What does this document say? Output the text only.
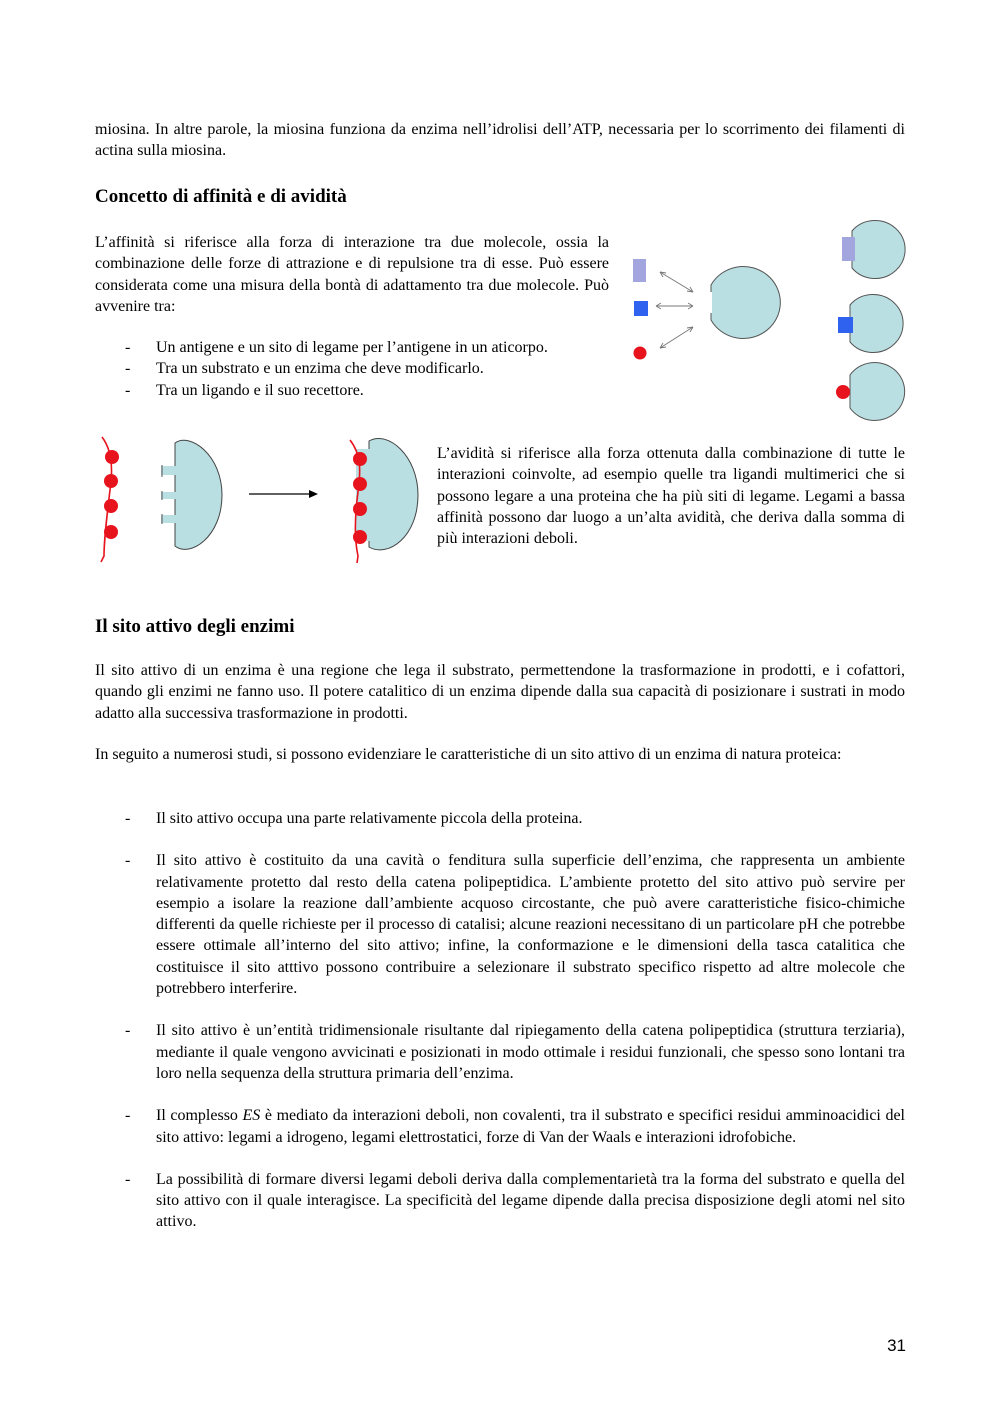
miosina. In altre parole, la miosina funziona da enzima nell’idrolisi dell’ATP, necessaria per lo scorrimento dei filamenti di actina sulla miosina.

Concetto di affinità e di avidità

L’affinità si riferisce alla forza di interazione tra due molecole, ossia la combinazione delle forze di attrazione e di repulsione tra di esse. Può essere considerata come una misura della bontà di adattamento tra due molecole. Può avvenire tra:

- Un antigene e un sito di legame per l’antigene in un aticorpo.
- Tra un substrato e un enzima che deve modificarlo.
- Tra un ligando e il suo recettore.

L’avidità si riferisce alla forza ottenuta dalla combinazione di tutte le interazioni coinvolte, ad esempio quelle tra ligandi multimerici che si possono legare a una proteina che ha più siti di legame. Legami a bassa affinità possono dar luogo a un’alta avidità, che deriva dalla somma di più interazioni deboli.

Il sito attivo degli enzimi

Il sito attivo di un enzima è una regione che lega il substrato, permettendone la trasformazione in prodotti, e i cofattori, quando gli enzimi ne fanno uso. Il potere catalitico di un enzima dipende dalla sua capacità di posizionare i sustrati in modo adatto alla successiva trasformazione in prodotti.

In seguito a numerosi studi, si possono evidenziare le caratteristiche di un sito attivo di un enzima di natura proteica:

- Il sito attivo occupa una parte relativamente piccola della proteina.
- Il sito attivo è costituito da una cavità o fenditura sulla superficie dell’enzima, che rappresenta un ambiente relativamente protetto dal resto della catena polipeptidica. L’ambiente protetto del sito attivo può servire per esempio a isolare la reazione dall’ambiente acquoso circostante, che può avere caratteristiche fisico-chimiche differenti da quelle richieste per il processo di catalisi; alcune reazioni necessitano di un particolare pH che potrebbe essere ottimale all’interno del sito attivo; infine, la conformazione e le dimensioni della tasca catalitica che costituisce il sito atttivo possono contribuire a selezionare il substrato specifico rispetto ad altre molecole che potrebbero interferire.
- Il sito attivo è un’entità tridimensionale risultante dal ripiegamento della catena polipeptidica (struttura terziaria), mediante il quale vengono avvicinati e posizionati in modo ottimale i residui funzionali, che spesso sono lontani tra loro nella sequenza della struttura primaria dell’enzima.
- Il complesso ES è mediato da interazioni deboli, non covalenti, tra il substrato e specifici residui amminoacidici del sito attivo: legami a idrogeno, legami elettrostatici, forze di Van der Waals e interazioni idrofobiche.
- La possibilità di formare diversi legami deboli deriva dalla complementarietà tra la forma del substrato e quella del sito attivo con il quale interagisce. La specificità del legame dipende dalla precisa disposizione degli atomi nel sito attivo.
31
